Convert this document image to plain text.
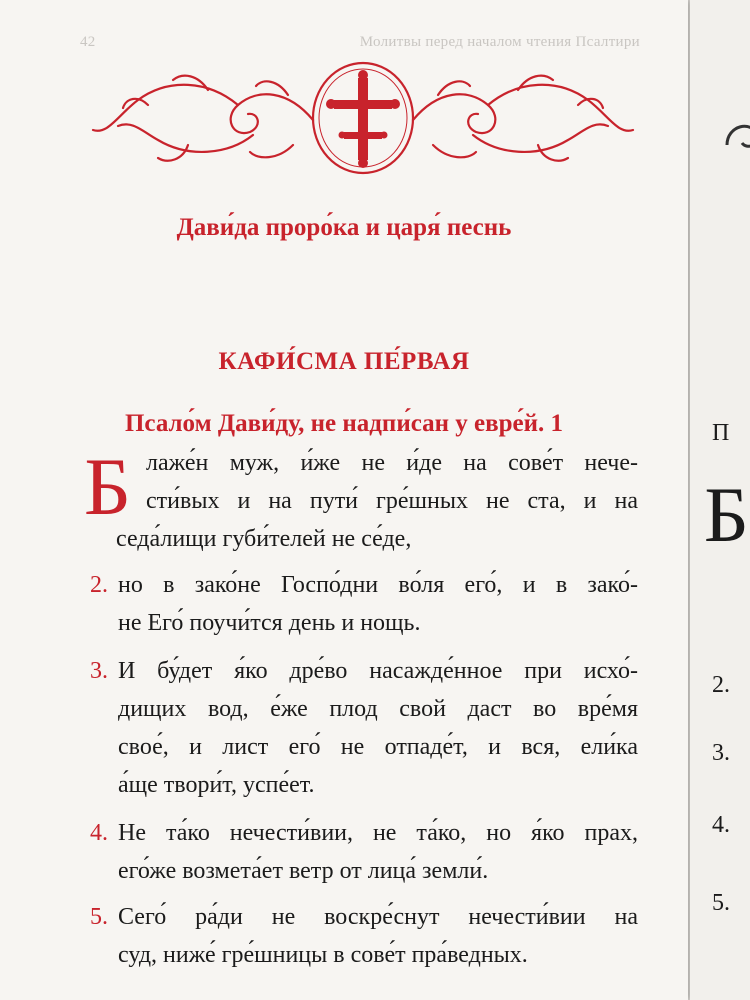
42	Молитвы перед началом чтения Псалтири

Дави́да проро́ка и царя́ песнь
КАФИ́СМА ПЕ́РВАЯ
Псало́м Дави́ду, не надпи́сан у евре́й. 1
Б лаже́н муж, и́же не и́де на сове́т нече-
сти́вых и на пути́ гре́шных не ста, и на
седа́лищи губи́телей не се́де,
2. но в зако́не Госпо́дни во́ля его́, и в зако́-
не Его́ поучи́тся день и нощь.
3. И бу́дет я́ко дре́во насажде́нное при исхо́-
дищих вод, е́же плод свой даст во вре́мя
свое́, и лист его́ не отпаде́т, и вся, ели́ка
а́ще твори́т, успе́ет.
4. Не та́ко нечести́вии, не та́ко, но я́ко прах,
его́же возмета́ет ветр от лица́ земли́.
5. Сего́ ра́ди не воскре́снут нечести́вии на
суд, ниже́ гре́шницы в сове́т пра́ведных.
П
Б
2.
3.
4.
5.
